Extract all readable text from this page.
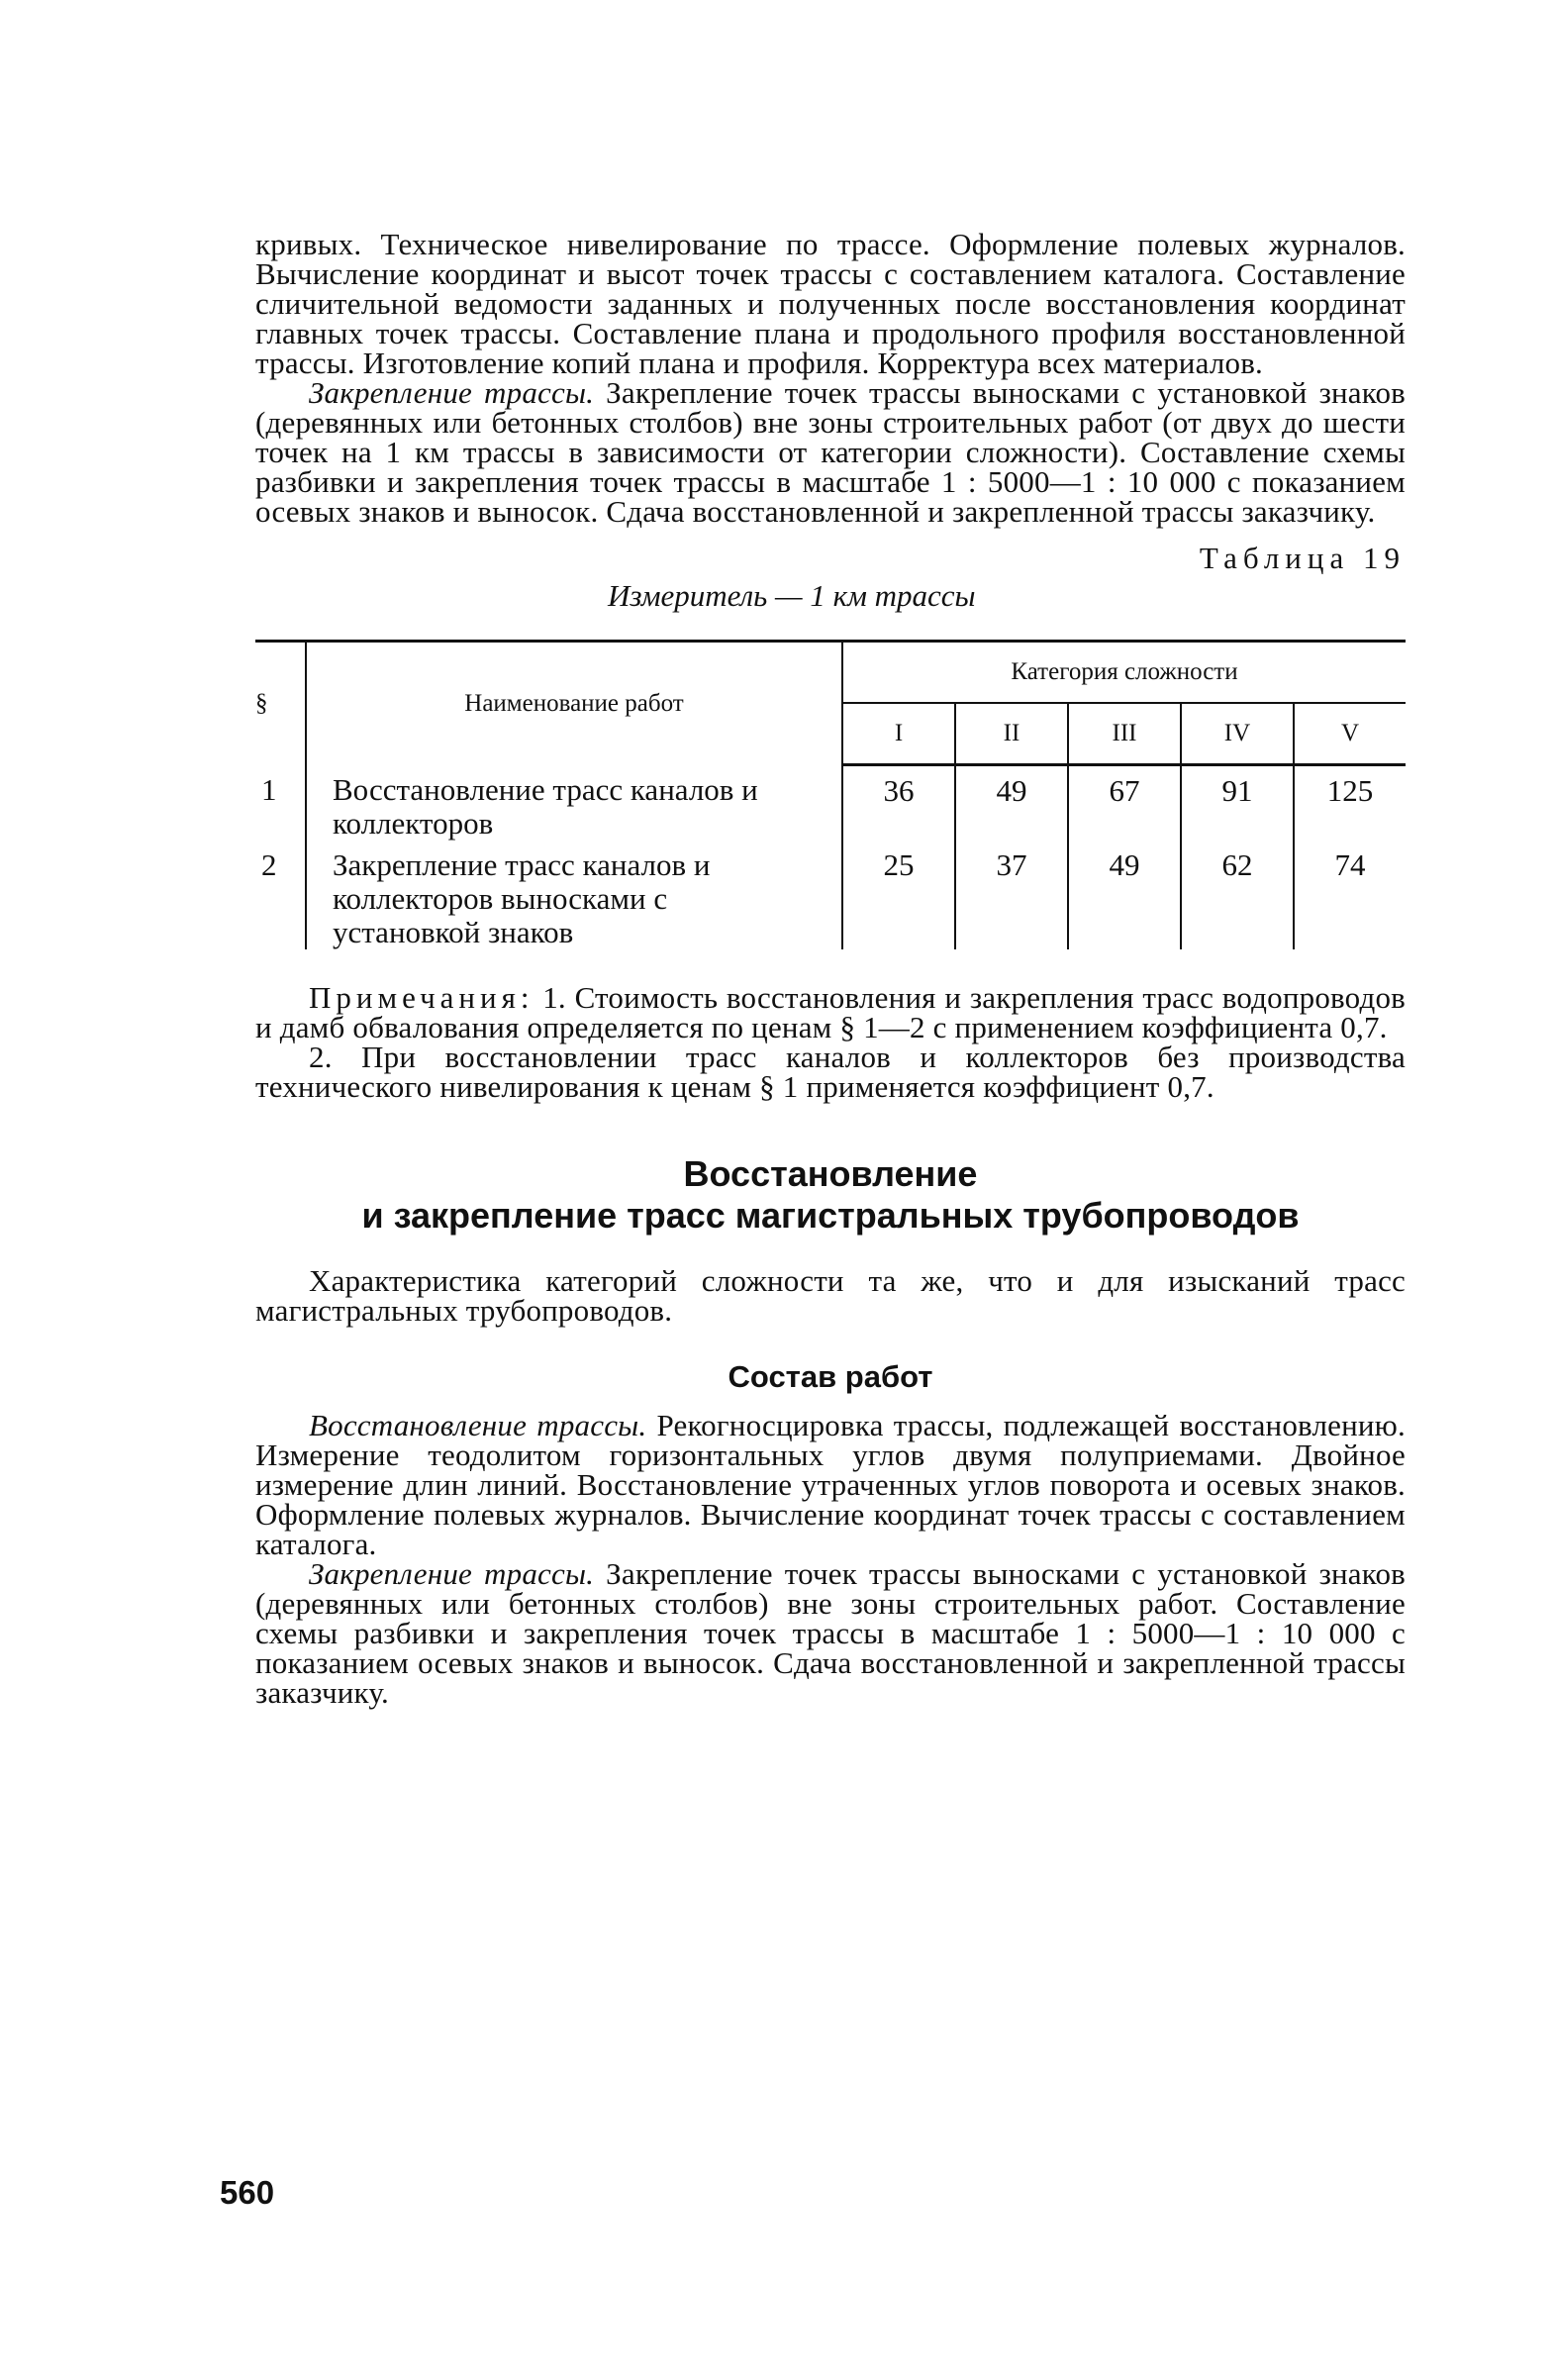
кривых. Техническое нивелирование по трассе. Оформление полевых журналов. Вычисление координат и высот точек трассы с составлением каталога. Составление сличительной ведомости заданных и полученных после восстановления координат главных точек трассы. Составление плана и продольного профиля восстановленной трассы. Изготовление копий плана и профиля. Корректура всех материалов.

Закрепление трассы. Закрепление точек трассы выносками с установкой знаков (деревянных или бетонных столбов) вне зоны строительных работ (от двух до шести точек на 1 км трассы в зависимости от категории сложности). Составление схемы разбивки и закрепления точек трассы в масштабе 1 : 5000—1 : 10 000 с показанием осевых знаков и выносок. Сдача восстановленной и закрепленной трассы заказчику.

Таблица 19
Измеритель — 1 км трассы
§	Наименование работ	Категория сложности				
		I	II	III	IV	V
1	Восстановление трасс каналов и коллекторов	36	49	67	91	125
2	Закрепление трасс каналов и коллекторов выносками с установкой знаков	25	37	49	62	74

Примечания: 1. Стоимость восстановления и закрепления трасс водопроводов и дамб обвалования определяется по ценам § 1—2 с применением коэффициента 0,7.

2. При восстановлении трасс каналов и коллекторов без производства технического нивелирования к ценам § 1 применяется коэффициент 0,7.

Восстановление
и закрепление трасс магистральных трубопроводов

Характеристика категорий сложности та же, что и для изысканий трасс магистральных трубопроводов.

Состав работ

Восстановление трассы. Рекогносцировка трассы, подлежащей восстановлению. Измерение теодолитом горизонтальных углов двумя полуприемами. Двойное измерение длин линий. Восстановление утраченных углов поворота и осевых знаков. Оформление полевых журналов. Вычисление координат точек трассы с составлением каталога.

Закрепление трассы. Закрепление точек трассы выносками с установкой знаков (деревянных или бетонных столбов) вне зоны строительных работ. Составление схемы разбивки и закрепления точек трассы в масштабе 1 : 5000—1 : 10 000 с показанием осевых знаков и выносок. Сдача восстановленной и закрепленной трассы заказчику.

560
